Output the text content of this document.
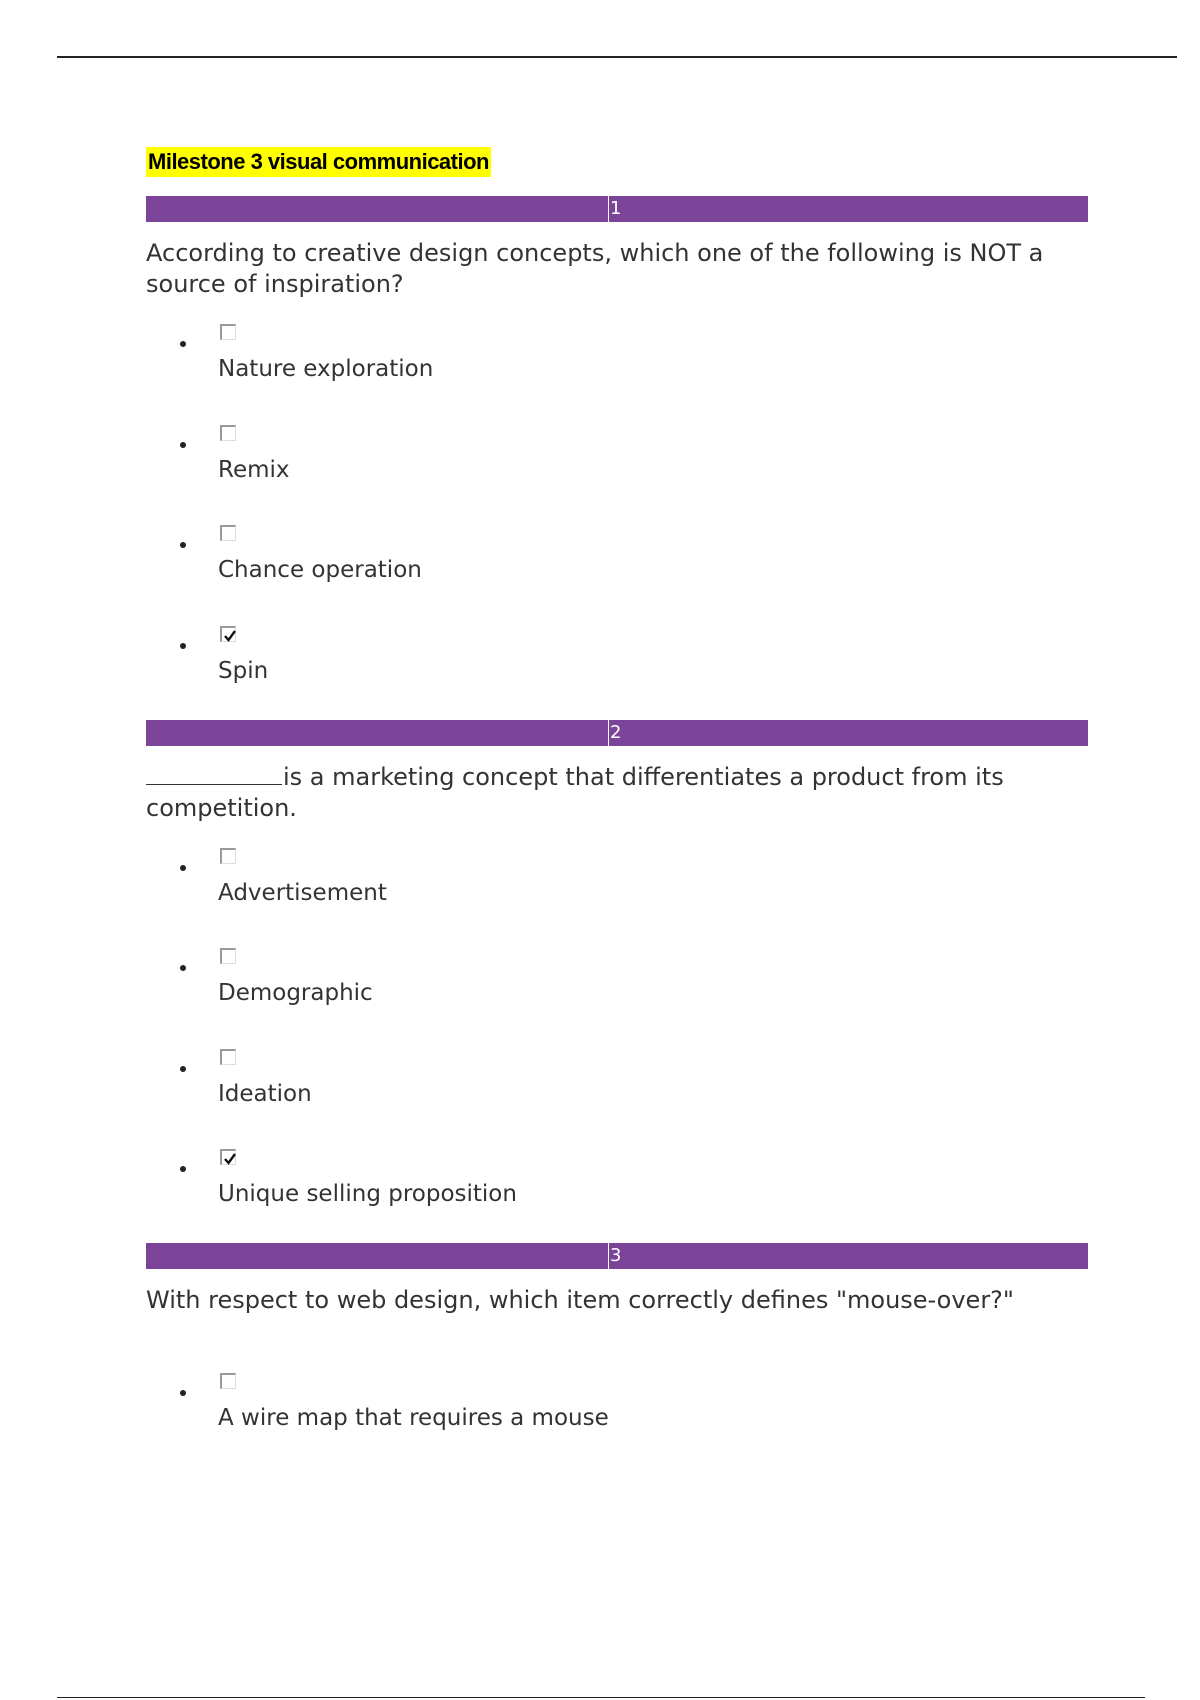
Milestone 3 visual communication
1

According to creative design concepts, which one of the following is NOT a source of inspiration?

Nature exploration
Remix
Chance operation
Spin
2

is a marketing concept that differentiates a product from its competition.

Advertisement
Demographic
Ideation
Unique selling proposition
3

With respect to web design, which item correctly defines "mouse-over?"

A wire map that requires a mouse
